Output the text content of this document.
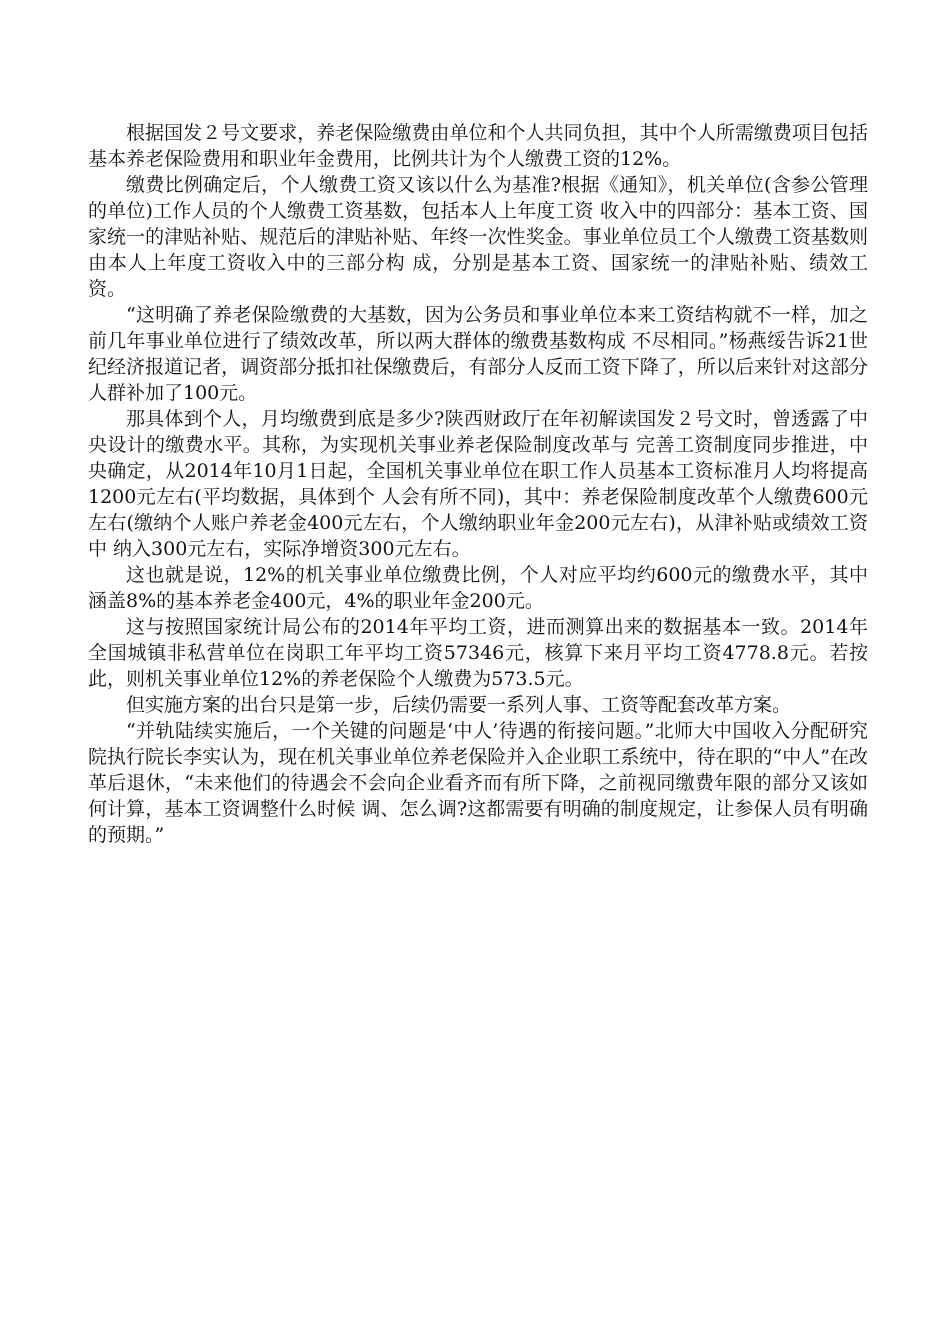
根据国发２号文要求，养老保险缴费由单位和个人共同负担，其中个人所需缴费项目包括基本养老保险费用和职业年金费用，比例共计为个人缴费工资的12%。

缴费比例确定后，个人缴费工资又该以什么为基准?根据《通知》，机关单位(含参公管理的单位)工作人员的个人缴费工资基数，包括本人上年度工资 收入中的四部分：基本工资、国家统一的津贴补贴、规范后的津贴补贴、年终一次性奖金。事业单位员工个人缴费工资基数则由本人上年度工资收入中的三部分构 成，分别是基本工资、国家统一的津贴补贴、绩效工资。

“这明确了养老保险缴费的大基数，因为公务员和事业单位本来工资结构就不一样，加之前几年事业单位进行了绩效改革，所以两大群体的缴费基数构成 不尽相同。”杨燕绥告诉21世纪经济报道记者，调资部分抵扣社保缴费后，有部分人反而工资下降了，所以后来针对这部分人群补加了100元。

那具体到个人，月均缴费到底是多少?陕西财政厅在年初解读国发２号文时，曾透露了中央设计的缴费水平。其称，为实现机关事业养老保险制度改革与 完善工资制度同步推进，中央确定，从2014年10月1日起，全国机关事业单位在职工作人员基本工资标准月人均将提高1200元左右(平均数据，具体到个 人会有所不同)，其中：养老保险制度改革个人缴费600元左右(缴纳个人账户养老金400元左右，个人缴纳职业年金200元左右)，从津补贴或绩效工资中 纳入300元左右，实际净增资300元左右。

这也就是说，12%的机关事业单位缴费比例，个人对应平均约600元的缴费水平，其中涵盖8%的基本养老金400元，4%的职业年金200元。

这与按照国家统计局公布的2014年平均工资，进而测算出来的数据基本一致。2014年全国城镇非私营单位在岗职工年平均工资57346元，核算下来月平均工资4778.8元。若按此，则机关事业单位12%的养老保险个人缴费为573.5元。

但实施方案的出台只是第一步，后续仍需要一系列人事、工资等配套改革方案。

“并轨陆续实施后，一个关键的问题是‘中人’待遇的衔接问题。”北师大中国收入分配研究院执行院长李实认为，现在机关事业单位养老保险并入企业职工系统中，待在职的“中人”在改革后退休，“未来他们的待遇会不会向企业看齐而有所下降，之前视同缴费年限的部分又该如何计算，基本工资调整什么时候 调、怎么调?这都需要有明确的制度规定，让参保人员有明确的预期。”
